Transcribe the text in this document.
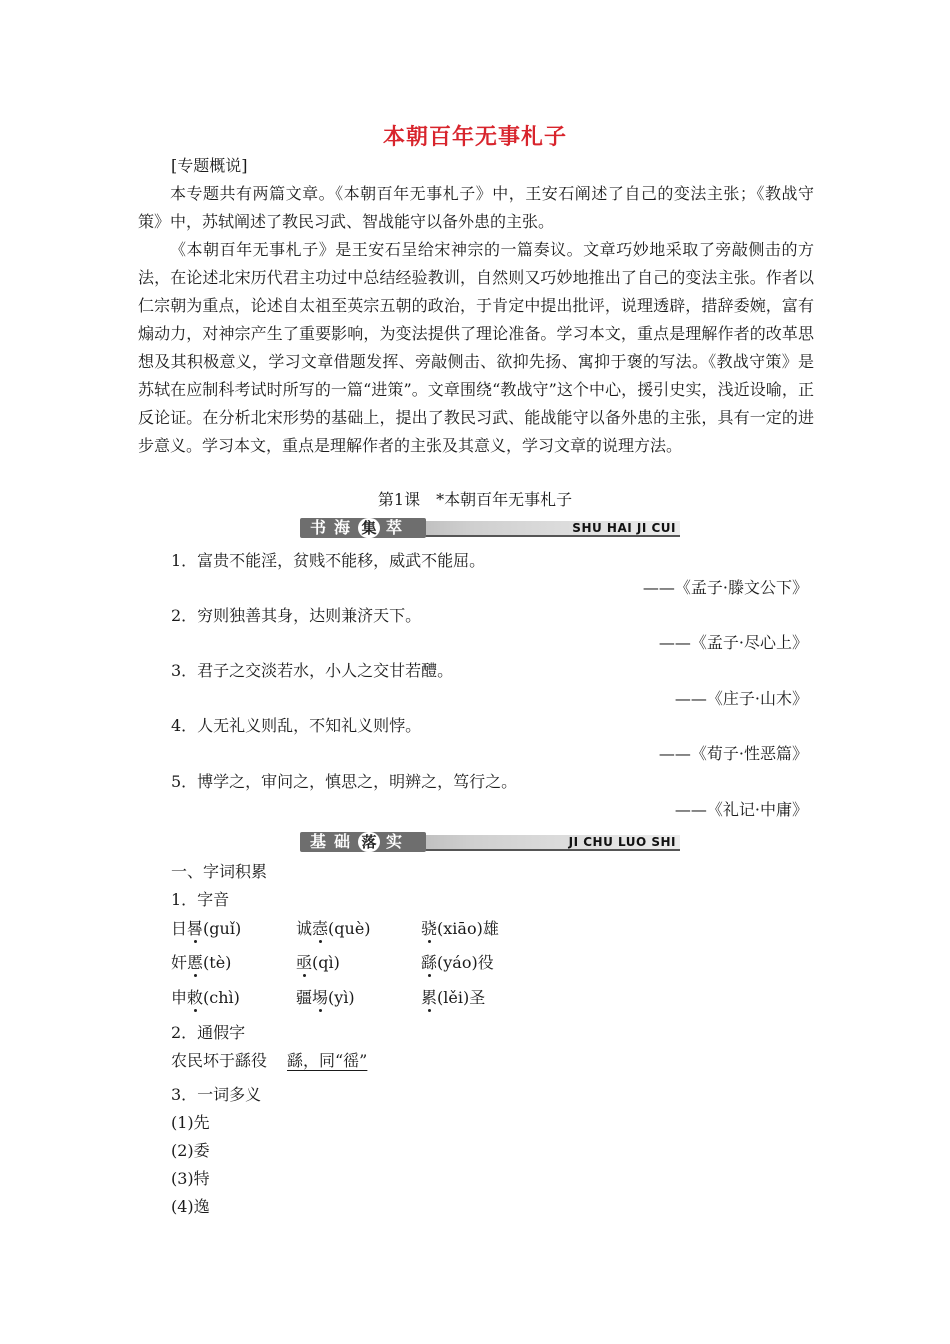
本朝百年无事札子
[专题概说]
本专题共有两篇文章。《本朝百年无事札子》中，王安石阐述了自己的变法主张；《教战守策》中，苏轼阐述了教民习武、智战能守以备外患的主张。
《本朝百年无事札子》是王安石呈给宋神宗的一篇奏议。文章巧妙地采取了旁敲侧击的方法，在论述北宋历代君主功过中总结经验教训，自然则又巧妙地推出了自己的变法主张。作者以仁宗朝为重点，论述自太祖至英宗五朝的政治，于肯定中提出批评，说理透辟，措辞委婉，富有煽动力，对神宗产生了重要影响，为变法提供了理论准备。学习本文，重点是理解作者的改革思想及其积极意义，学习文章借题发挥、旁敲侧击、欲抑先扬、寓抑于褒的写法。《教战守策》是苏轼在应制科考试时所写的一篇“进策”。文章围绕“教战守”这个中心，援引史实，浅近设喻，正反论证。在分析北宋形势的基础上，提出了教民习武、能战能守以备外患的主张，具有一定的进步意义。学习本文，重点是理解作者的主张及其意义，学习文章的说理方法。
第1课　*本朝百年无事札子
书 海 集 萃	SHU HAI JI CUI
1．富贵不能淫，贫贱不能移，威武不能屈。
——《孟子·滕文公下》
2．穷则独善其身，达则兼济天下。
——《孟子·尽心上》
3．君子之交淡若水，小人之交甘若醴。
——《庄子·山木》
4．人无礼义则乱，不知礼义则悖。
——《荀子·性恶篇》
5．博学之，审问之，慎思之，明辨之，笃行之。
——《礼记·中庸》
基 础 落 实	JI CHU LUO SHI
一、字词积累
1．字音
日晷(guǐ)	诚悫(què)	骁(xiāo)雄
奸慝(tè)	亟(qì)	繇(yáo)役
申敕(chì)	疆埸(yì)	累(lěi)圣
2．通假字
农民坏于繇役 繇，同“徭”
3．一词多义
(1)先
(2)委
(3)特
(4)逸
